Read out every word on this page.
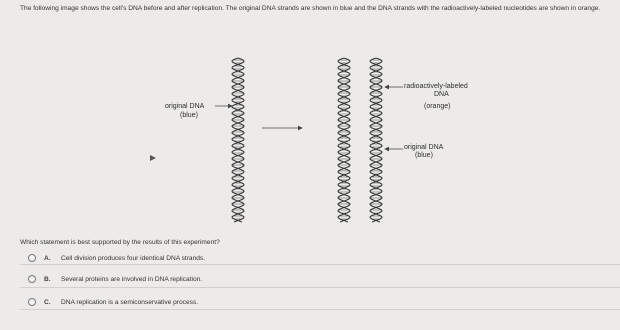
The following image shows the cell's DNA before and after replication. The original DNA strands are shown in blue and the DNA strands with the radioactively-labeled nucleotides are shown in orange.
original DNA
(blue)
radioactively-labeled
DNA
(orange)
original DNA
(blue)
Which statement is best supported by the results of this experiment?
A.	Cell division produces four identical DNA strands.
B.	Several proteins are involved in DNA replication.
C.	DNA replication is a semiconservative process.
